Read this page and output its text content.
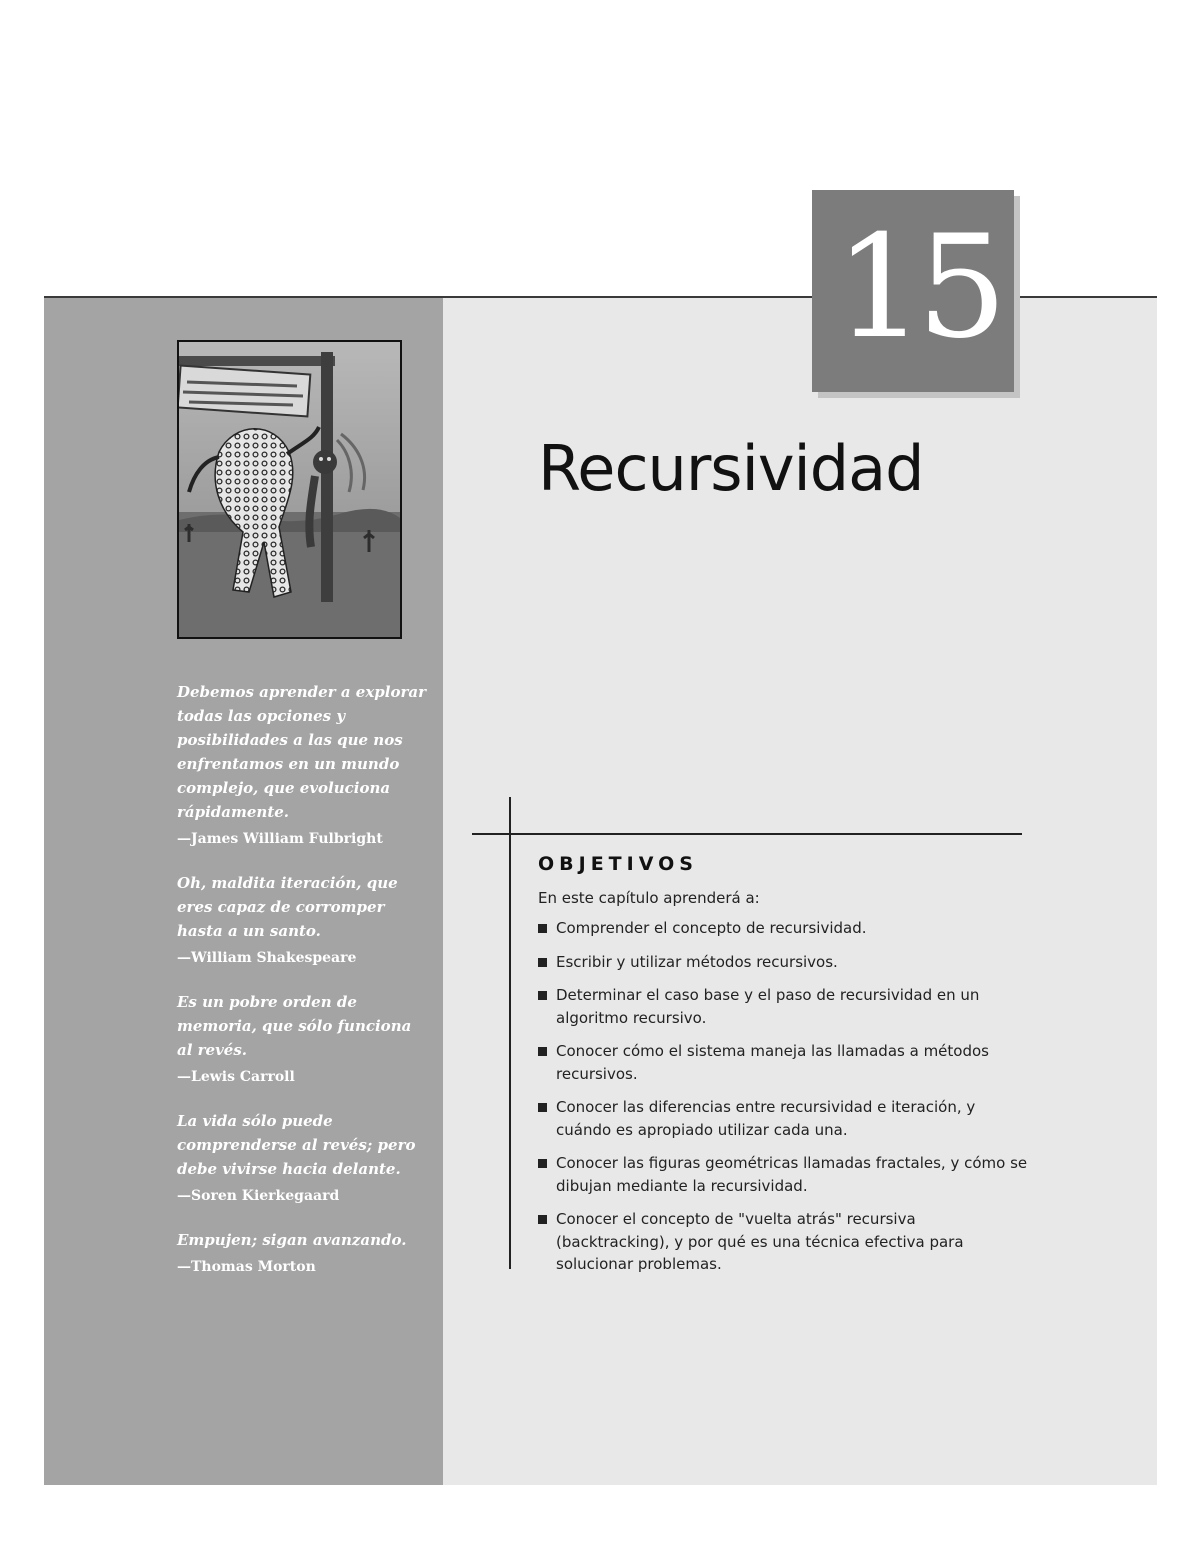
15
Recursividad

Debemos aprender a explorar todas las opciones y posibilidades a las que nos enfrentamos en un mundo complejo, que evoluciona rápidamente.

—James William Fulbright

Oh, maldita iteración, que eres capaz de corromper hasta a un santo.

—William Shakespeare

Es un pobre orden de memoria, que sólo funciona al revés.

—Lewis Carroll

La vida sólo puede comprenderse al revés; pero debe vivirse hacia delante.

—Soren Kierkegaard

Empujen; sigan avanzando.

—Thomas Morton

OBJETIVOS

En este capítulo aprenderá a:

Comprender el concepto de recursividad.
Escribir y utilizar métodos recursivos.
Determinar el caso base y el paso de recursividad en un algoritmo recursivo.
Conocer cómo el sistema maneja las llamadas a métodos recursivos.
Conocer las diferencias entre recursividad e iteración, y cuándo es apropiado utilizar cada una.
Conocer las figuras geométricas llamadas fractales, y cómo se dibujan mediante la recursividad.
Conocer el concepto de "vuelta atrás" recursiva (backtracking), y por qué es una técnica efectiva para solucionar problemas.
